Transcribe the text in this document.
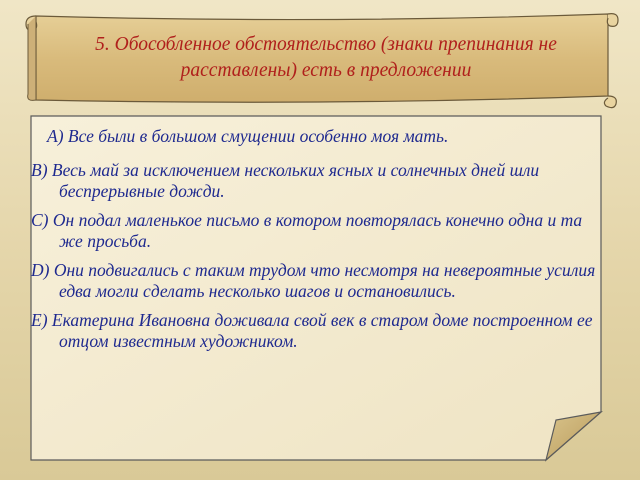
5. Обособленное обстоятельство (знаки препинания не расставлены) есть в предложении
А) Все были в большом смущении особенно моя мать.
В) Весь май за исключением нескольких ясных и солнечных дней шли беспрерывные дожди.
С) Он подал маленькое письмо в котором повторялась конечно одна и та же просьба.
D) Они подвигались с таким трудом что несмотря на невероятные усилия едва могли сделать несколько шагов и остановились.
Е) Екатерина Ивановна доживала свой век в старом доме построенном ее отцом известным художником.
